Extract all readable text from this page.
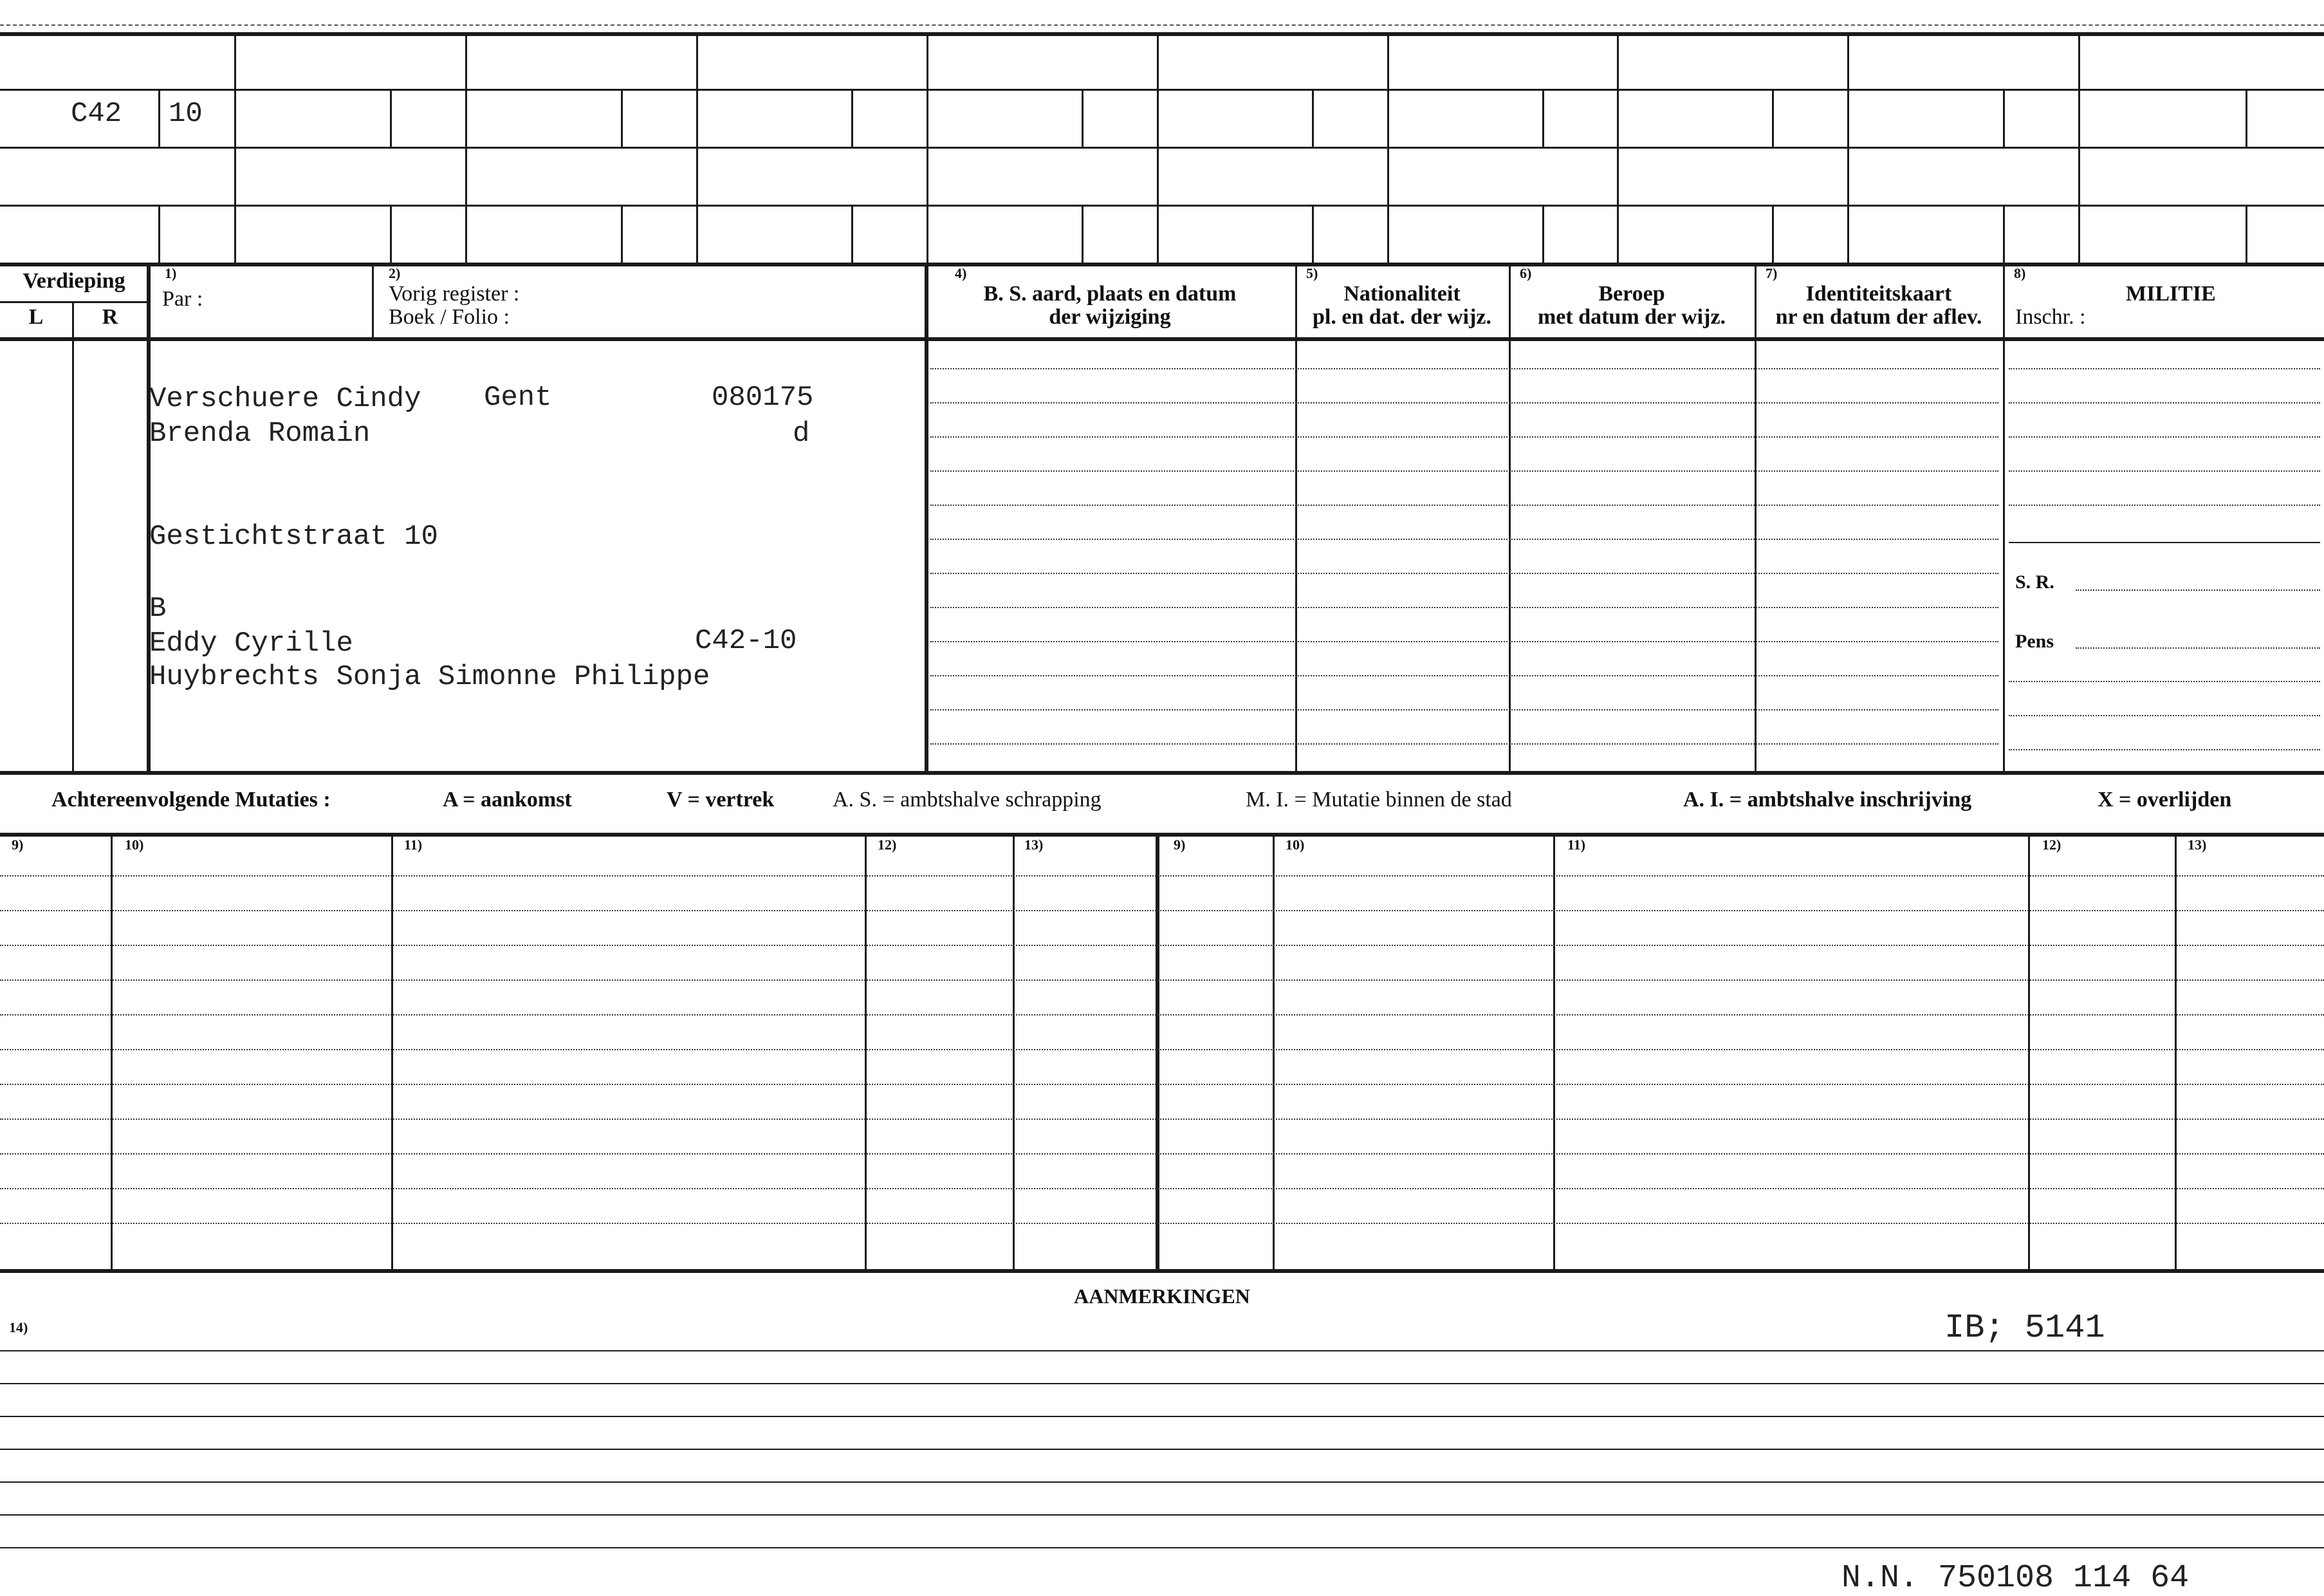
C42 10
Verdieping
L	R
1)
Par :
2)
Vorig register :
Boek / Folio :
4)
B. S. aard, plaats en datum
der wijziging
5)
Nationaliteit
pl. en dat. der wijz.
6)
Beroep
met datum der wijz.
7)
Identiteitskaart
nr en datum der aflev.
8)
MILITIE
Inschr. :
Verschuere Cindy Gent	080175
Brenda Romain	d
Gestichtstraat 10
B
Eddy Cyrille	C42-10
Huybrechts Sonja Simonne Philippe
S. R.
Pens
Achtereenvolgende Mutaties :	A = aankomst	V = vertrek	A. S. = ambtshalve schrapping	M. I. = Mutatie binnen de stad	A. I. = ambtshalve inschrijving	X = overlijden
9)	10)	11)	12)	13)	9)	10)	11)	12)	13)
AANMERKINGEN
14)	IB; 5141
N.N. 750108 114 64
